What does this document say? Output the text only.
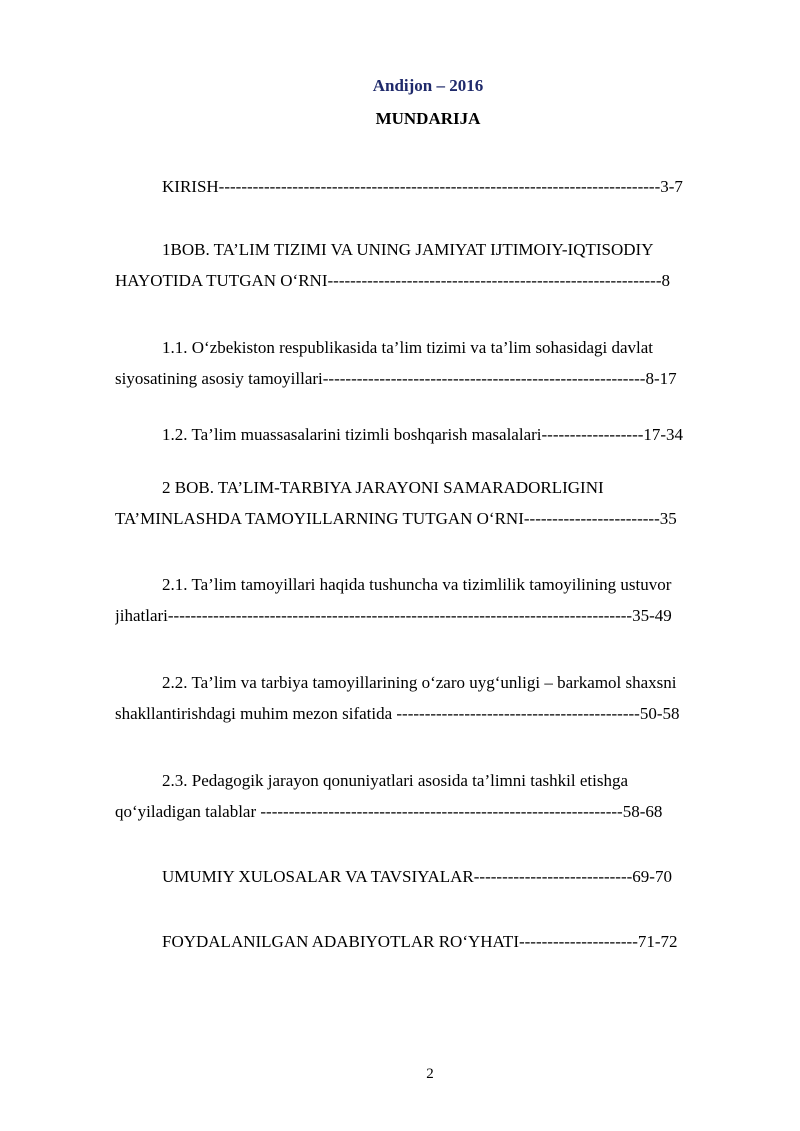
Andijon – 2016
MUNDARIJA
KIRISH------------------------------------------------------------------------------3-7
1BOB. TA’LIM TIZIMI VA UNING JAMIYAT IJTIMOIY-IQTISODIY
HAYOTIDA TUTGAN O‘RNI-----------------------------------------------------------8
1.1. O‘zbekiston respublikasida ta’lim tizimi va ta’lim sohasidagi davlat
siyosatining asosiy tamoyillari---------------------------------------------------------8-17
1.2. Ta’lim muassasalarini tizimli boshqarish masalalari------------------17-34
2 BOB. TA’LIM-TARBIYA JARAYONI SAMARADORLIGINI
TA’MINLASHDA TAMOYILLARNING TUTGAN O‘RNI------------------------35
2.1. Ta’lim tamoyillari haqida tushuncha va tizimlilik tamoyilining ustuvor
jihatlari----------------------------------------------------------------------------------35-49
2.2. Ta’lim va tarbiya tamoyillarining o‘zaro uyg‘unligi – barkamol shaxsni
shakllantirishdagi muhim mezon sifatida -------------------------------------------50-58
2.3. Pedagogik jarayon qonuniyatlari asosida ta’limni tashkil etishga
qo‘yiladigan talablar ----------------------------------------------------------------58-68
UMUMIY XULOSALAR VA TAVSIYALAR----------------------------69-70
FOYDALANILGAN ADABIYOTLAR RO‘YHATI---------------------71-72
2
